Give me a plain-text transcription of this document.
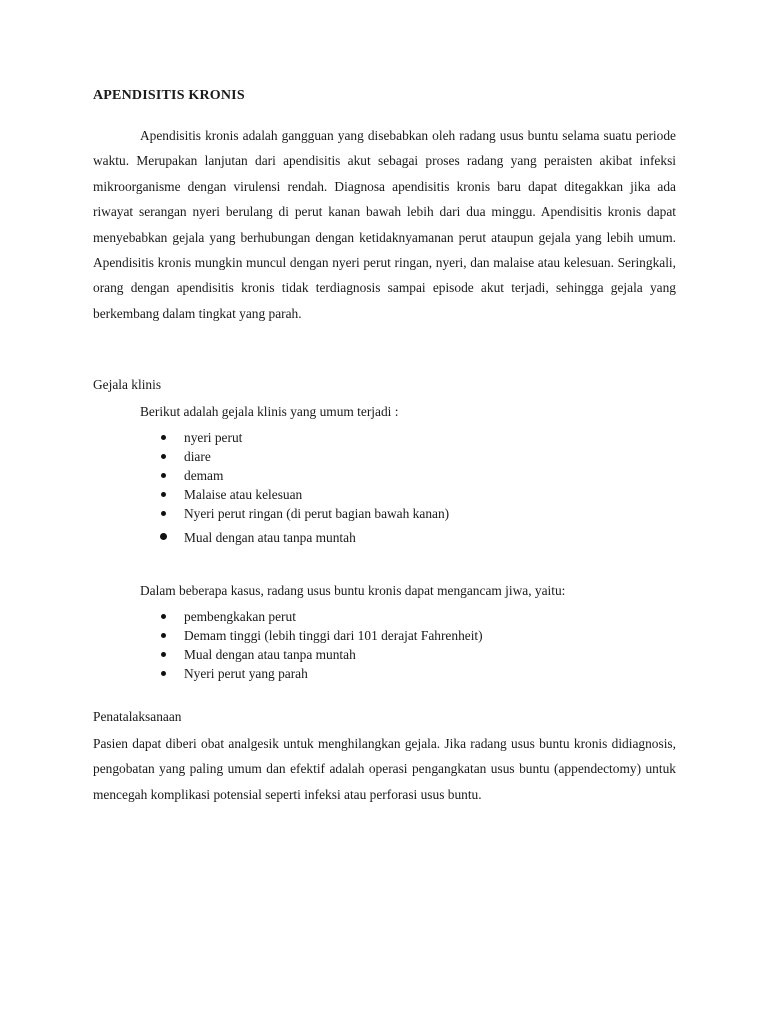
APENDISITIS KRONIS

Apendisitis kronis adalah gangguan yang disebabkan oleh radang usus buntu selama suatu periode waktu. Merupakan lanjutan dari apendisitis akut sebagai proses radang yang peraisten akibat infeksi mikroorganisme dengan virulensi rendah. Diagnosa apendisitis kronis baru dapat ditegakkan jika ada riwayat serangan nyeri berulang di perut kanan bawah lebih dari dua minggu. Apendisitis kronis dapat menyebabkan gejala yang berhubungan dengan ketidaknyamanan perut ataupun gejala yang lebih umum. Apendisitis kronis mungkin muncul dengan nyeri perut ringan, nyeri, dan malaise atau kelesuan. Seringkali, orang dengan apendisitis kronis tidak terdiagnosis sampai episode akut terjadi, sehingga gejala yang berkembang dalam tingkat yang parah.

Gejala klinis

Berikut adalah gejala klinis yang umum terjadi :

nyeri perut
diare
demam
Malaise atau kelesuan
Nyeri perut ringan (di perut bagian bawah kanan)
Mual dengan atau tanpa muntah

Dalam beberapa kasus, radang usus buntu kronis dapat mengancam jiwa, yaitu:

pembengkakan perut
Demam tinggi (lebih tinggi dari 101 derajat Fahrenheit)
Mual dengan atau tanpa muntah
Nyeri perut yang parah

Penatalaksanaan

Pasien dapat diberi obat analgesik untuk menghilangkan gejala. Jika radang usus buntu kronis didiagnosis, pengobatan yang paling umum dan efektif adalah operasi pengangkatan usus buntu (appendectomy) untuk mencegah komplikasi potensial seperti infeksi atau perforasi usus buntu.
